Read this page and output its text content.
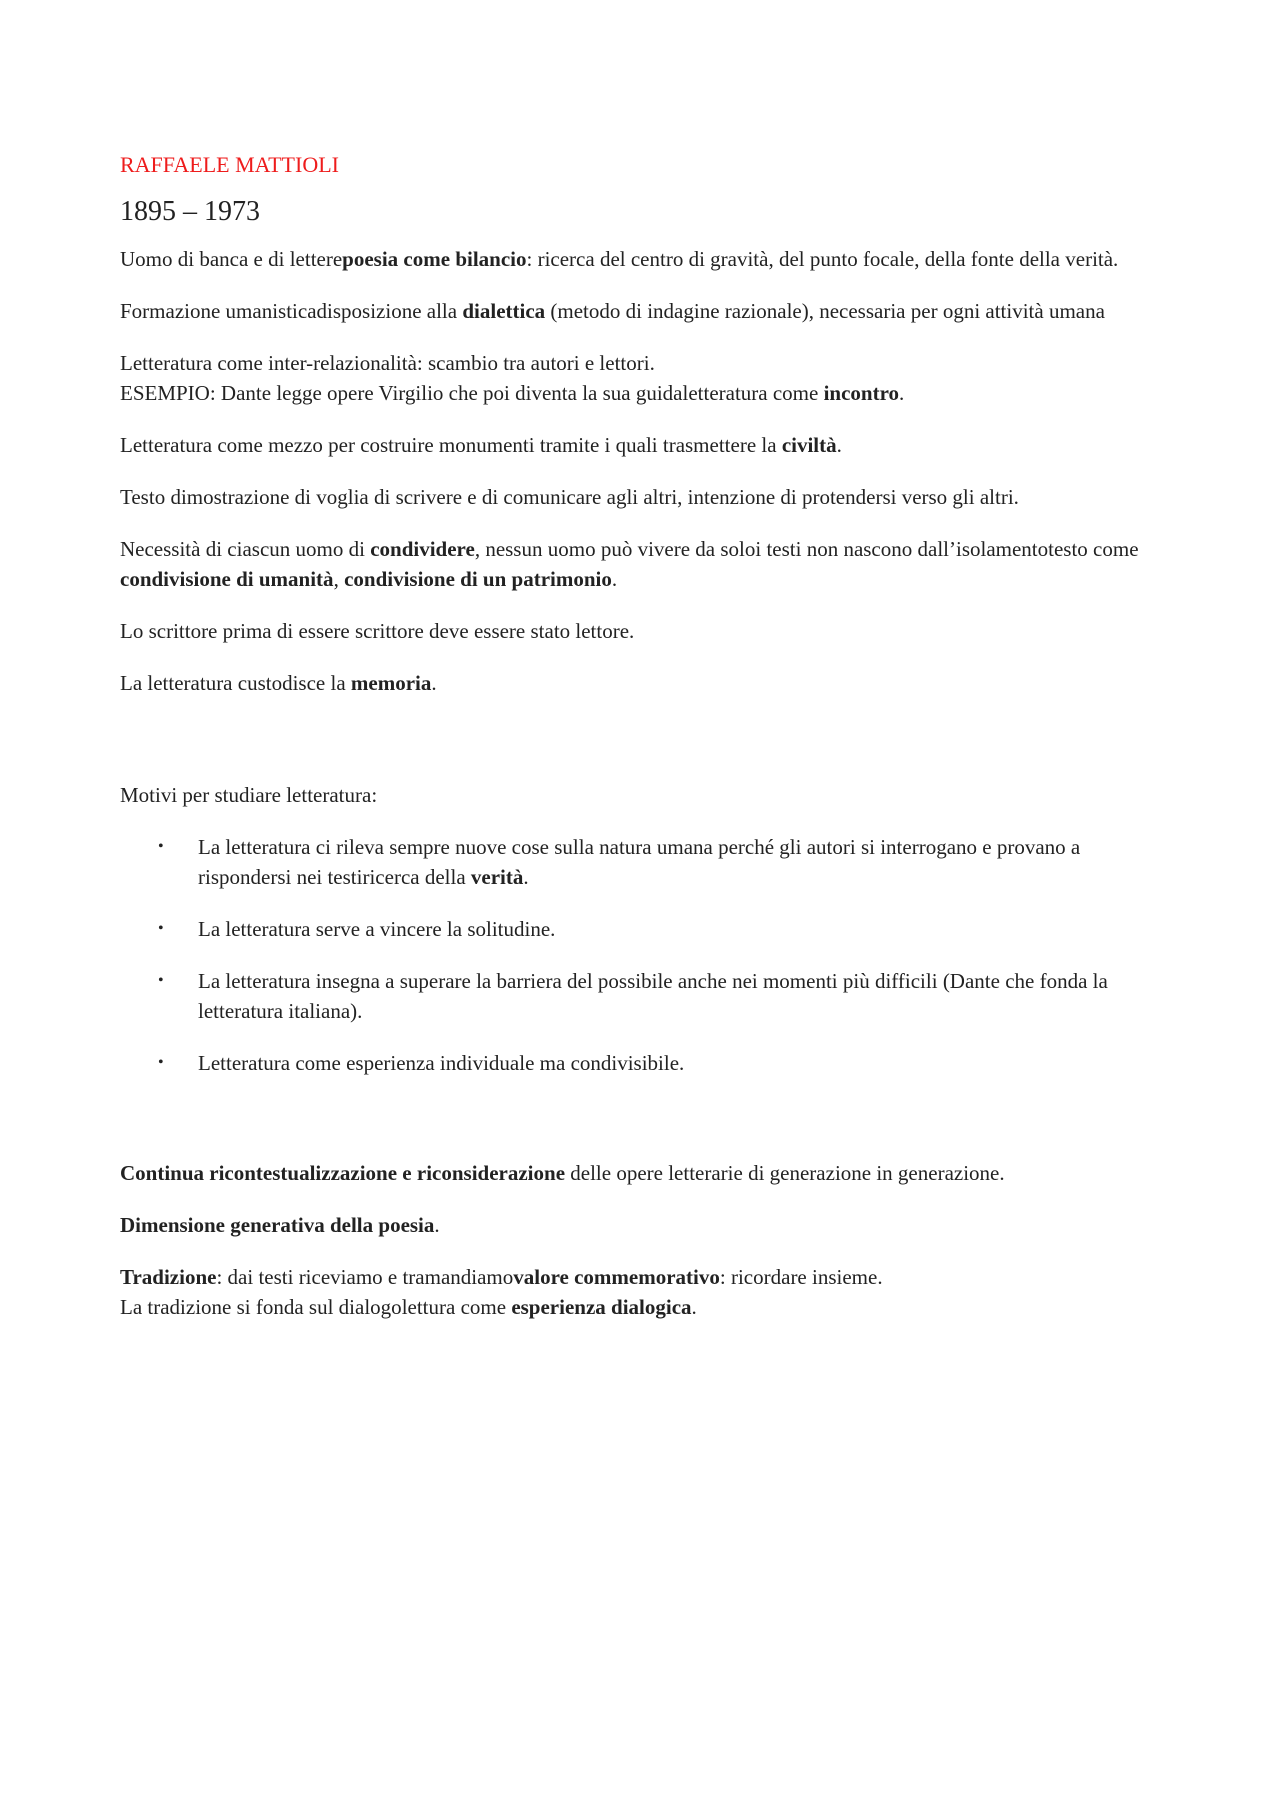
RAFFAELE MATTIOLI
1895 – 1973

Uomo di banca e di letterepoesia come bilancio: ricerca del centro di gravità, del punto focale, della fonte della verità.

Formazione umanisticadisposizione alla dialettica (metodo di indagine razionale), necessaria per ogni attività umana

Letteratura come inter-relazionalità: scambio tra autori e lettori.
ESEMPIO: Dante legge opere Virgilio che poi diventa la sua guidaletteratura come incontro.

Letteratura come mezzo per costruire monumenti tramite i quali trasmettere la civiltà.

Testo dimostrazione di voglia di scrivere e di comunicare agli altri, intenzione di protendersi verso gli altri.

Necessità di ciascun uomo di condividere, nessun uomo può vivere da soloi testi non nascono dall’isolamentotesto come condivisione di umanità, condivisione di un patrimonio.

Lo scrittore prima di essere scrittore deve essere stato lettore.

La letteratura custodisce la memoria.

Motivi per studiare letteratura:

• La letteratura ci rileva sempre nuove cose sulla natura umana perché gli autori si interrogano e provano a rispondersi nei testiricerca della verità.
• La letteratura serve a vincere la solitudine.
• La letteratura insegna a superare la barriera del possibile anche nei momenti più difficili (Dante che fonda la letteratura italiana).
• Letteratura come esperienza individuale ma condivisibile.

Continua ricontestualizzazione e riconsiderazione delle opere letterarie di generazione in generazione.

Dimensione generativa della poesia.

Tradizione: dai testi riceviamo e tramandiamovalore commemorativo: ricordare insieme.
La tradizione si fonda sul dialogolettura come esperienza dialogica.
